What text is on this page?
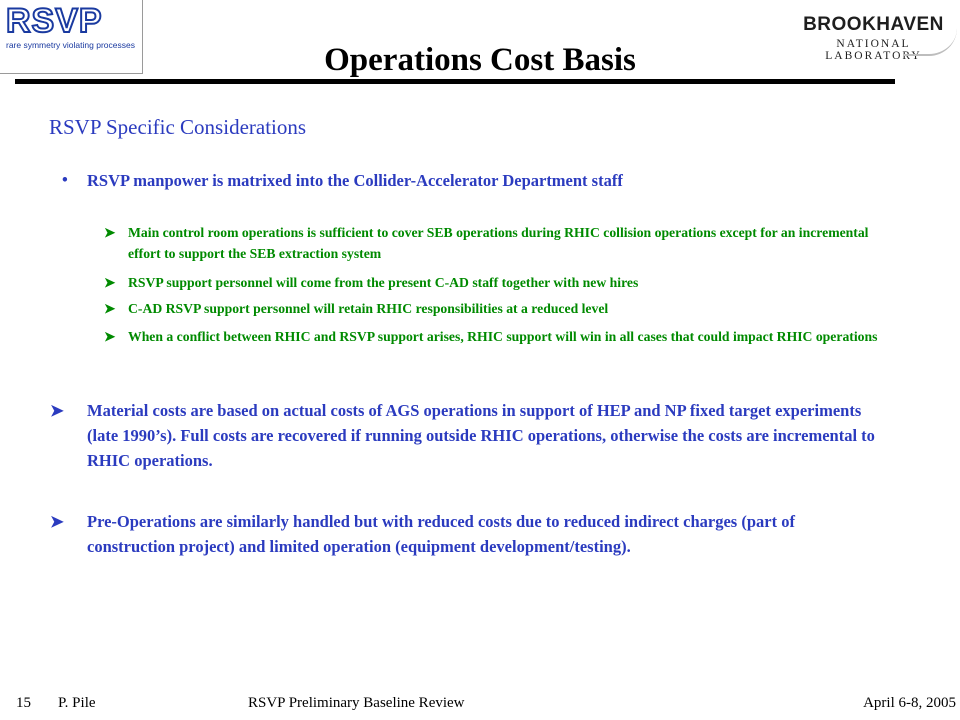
RSVP
rare symmetry violating processes
BROOKHAVEN
NATIONAL LABORATORY
Operations Cost Basis
RSVP Specific Considerations
• RSVP manpower is matrixed into the Collider-Accelerator Department staff
➤ Main control room operations is sufficient to cover SEB operations during RHIC collision operations except for an incremental effort to support the SEB extraction system
➤ RSVP support personnel will come from the present C-AD staff together with new hires
➤ C-AD RSVP support personnel will retain RHIC responsibilities at a reduced level
➤ When a conflict between RHIC and RSVP support arises, RHIC support will win in all cases that could impact RHIC operations
➤	Material costs are based on actual costs of AGS operations in support of HEP and NP fixed target experiments (late 1990’s). Full costs are recovered if running outside RHIC operations, otherwise the costs are incremental to RHIC operations.
➤	Pre-Operations are similarly handled but with reduced costs due to reduced indirect charges (part of construction project) and limited operation (equipment development/testing).
15 P. Pile	RSVP Preliminary Baseline Review	April 6-8, 2005
